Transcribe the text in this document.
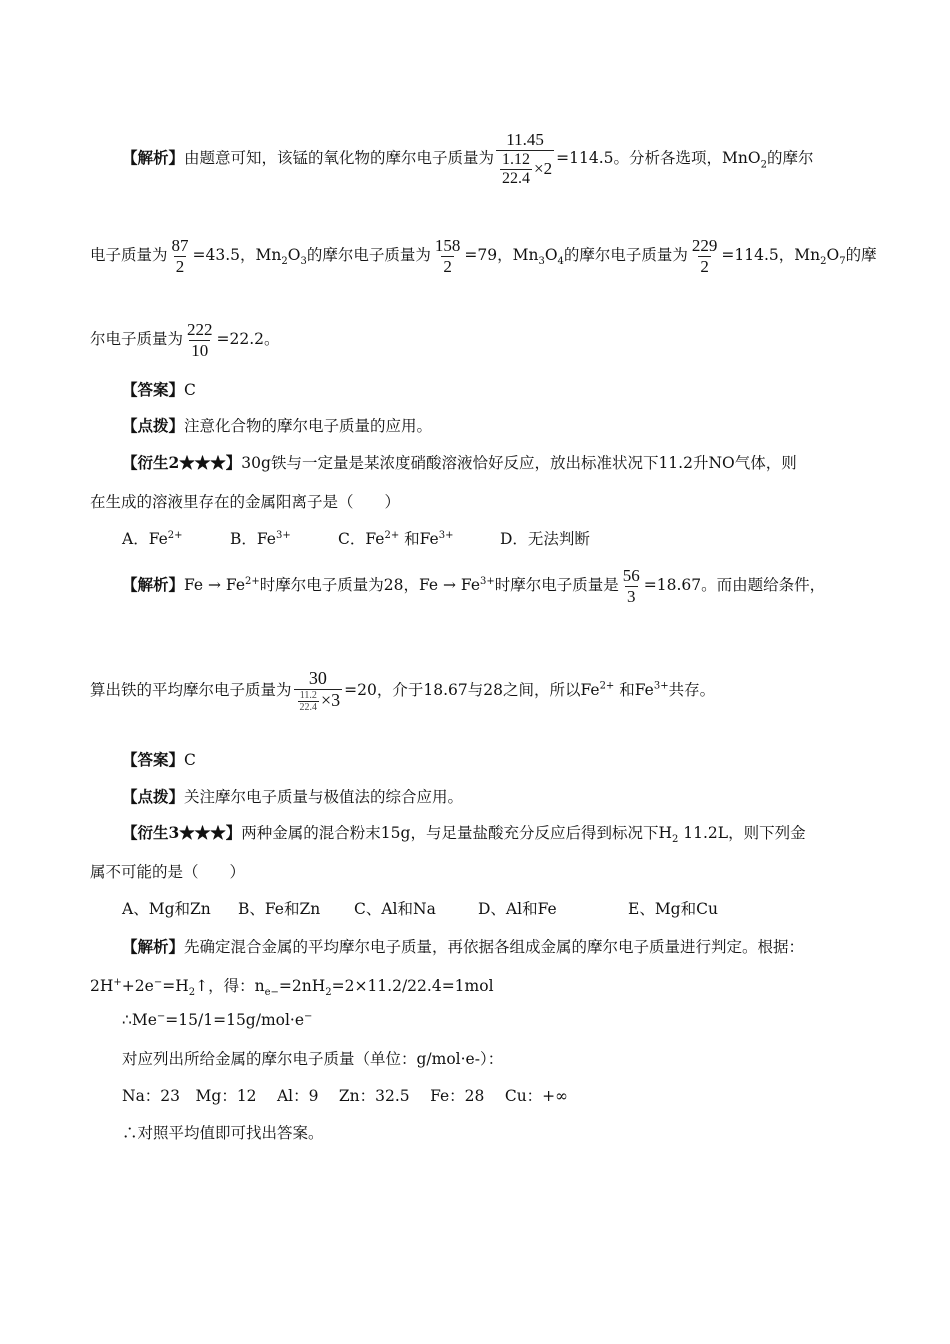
【解析】由题意可知，该锰的氧化物的摩尔电子质量为 $\frac{11.45}{\frac{1.12}{22.4} \times 2} =114.5$。分析各选项，MnO$_2$的摩尔
电子质量为 $\frac{87}{2} =43.5$，$Mn_2O_3$的摩尔电子质量为 $\frac{158}{2} =79$，$Mn_3O_4$的摩尔电子质量为 $\frac{229}{2} =114.5$，$Mn_2O_7$的摩
尔电子质量为 $\frac{222}{10} =22.2$。
【答案】C
【点拨】注意化合物的摩尔电子质量的应用。
【衍生2★★★】30g铁与一定量是某浓度硝酸溶液恰好反应，放出标准状况下11.2升NO气体，则
在生成的溶液里存在的金属阳离子是（　　）
A．$Fe^{2+}$	B．$Fe^{3+}$	C．$Fe^{2+}$ 和$Fe^{3+}$	D．无法判断
【解析】$Fe \to Fe^{2+}$时摩尔电子质量为28，$Fe \to Fe^{3+}$时摩尔电子质量是 $\frac{56}{3} =18.67$。而由题给条件，
算出铁的平均摩尔电子质量为 $\frac{30}{\frac{11.2}{22.4} \times 3} =20$，介于18.67与28之间，所以$Fe^{2+}$ 和$Fe^{3+}$共存。
【答案】C
【点拨】关注摩尔电子质量与极值法的综合应用。
【衍生3★★★】两种金属的混合粉末15g，与足量盐酸充分反应后得到标况下$H_2$ 11.2L，则下列金
属不可能的是（　　）
A、Mg和Zn B、Fe和Zn C、Al和Na	D、Al和Fe	E、Mg和Cu
【解析】先确定混合金属的平均摩尔电子质量，再依据各组成金属的摩尔电子质量进行判定。根据：
$2H^++2e^-=H_2↑$，得：$n_{e-}=2nH_2=2\times 11.2/22.4=1mol$
∴Me−=15/1=15g/mol·e−
对应列出所给金属的摩尔电子质量（单位：g/mol·e-）：
Na：23　Mg：12　 Al：9　 Zn：32.5　 Fe：28　 Cu：+∞
∴对照平均值即可找出答案。
